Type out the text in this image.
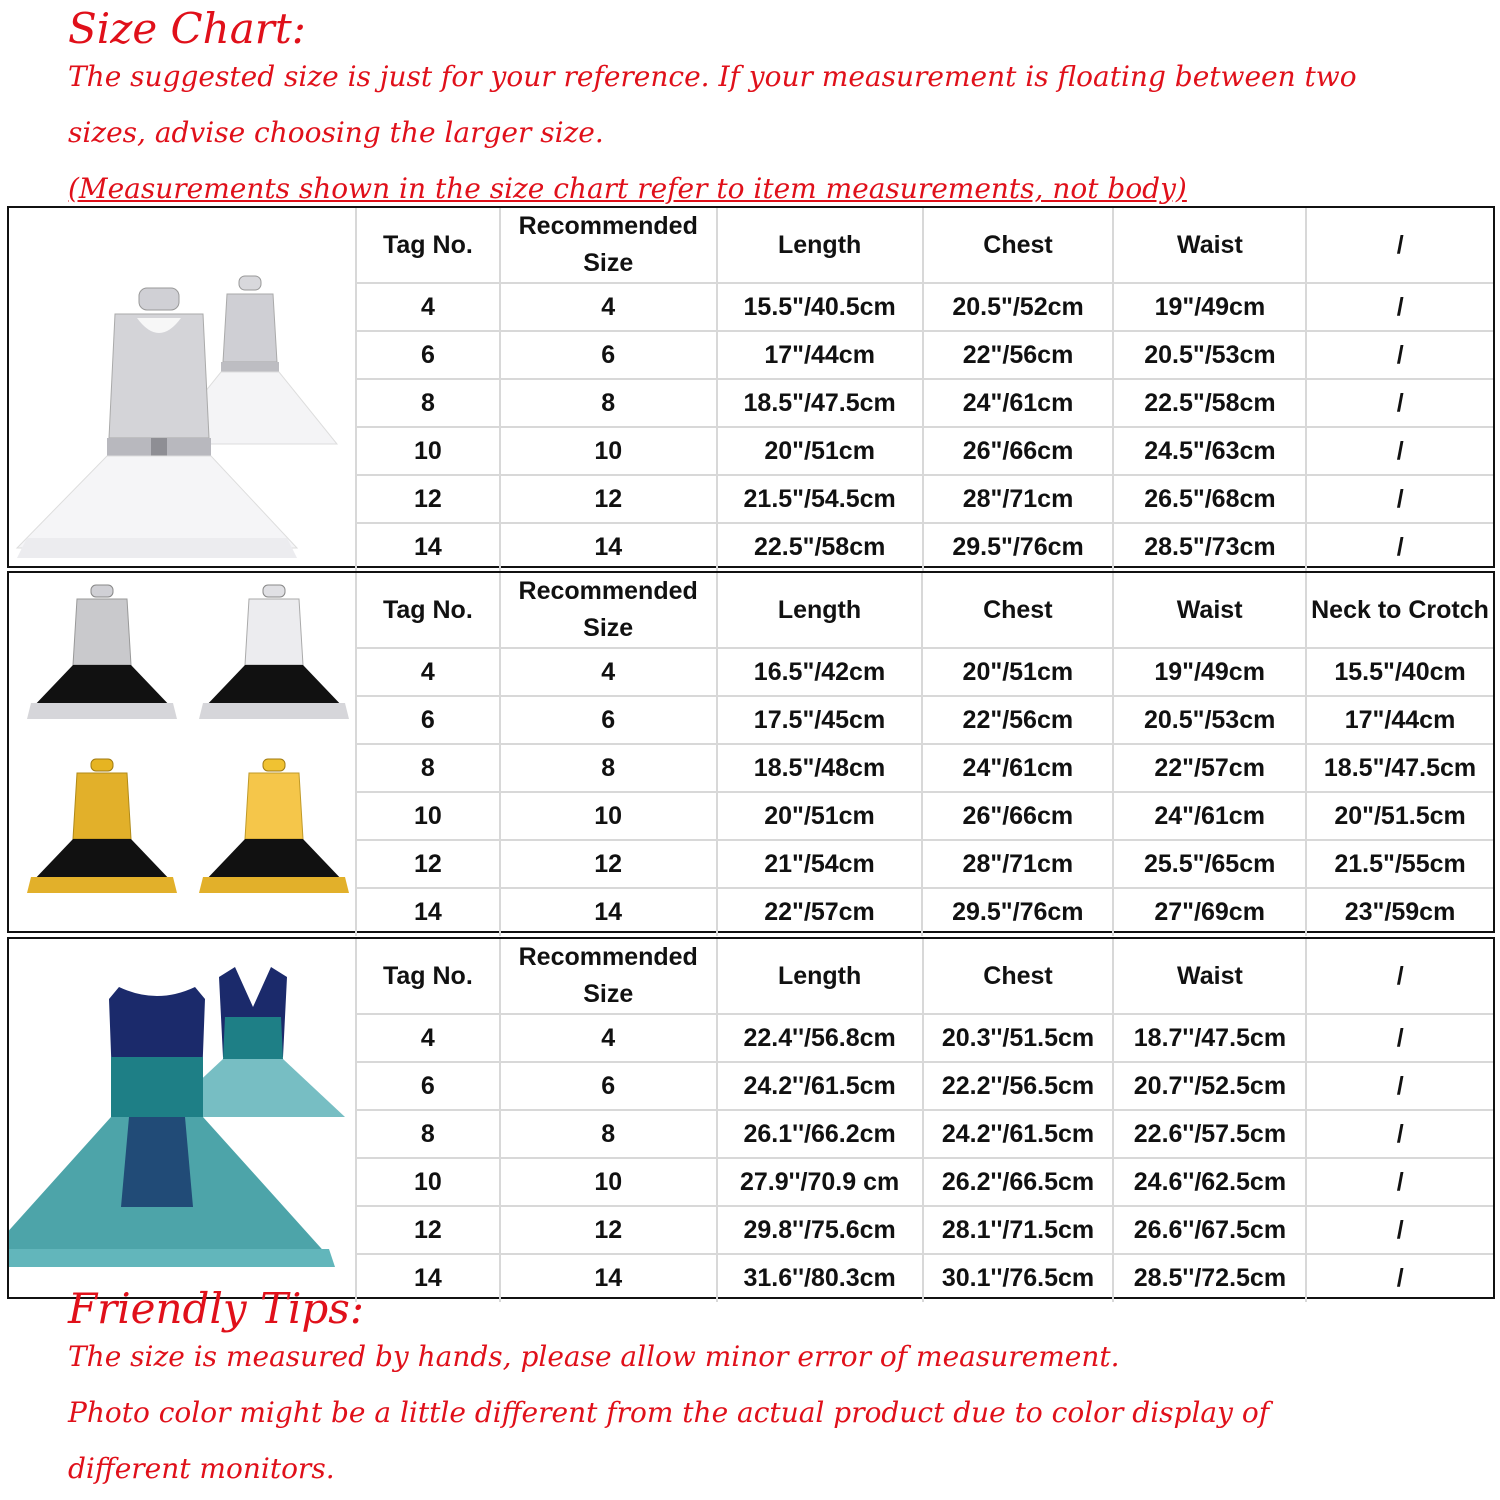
Size Chart:
The suggested size is just for your reference. If your measurement is floating between two
sizes, advise choosing the larger size.
(Measurements shown in the size chart refer to item measurements, not body)
Tag No.	Recommended Size	Length	Chest	Waist	/
4	4	15.5"/40.5cm	20.5"/52cm	19"/49cm	/
6	6	17"/44cm	22"/56cm	20.5"/53cm	/
8	8	18.5"/47.5cm	24"/61cm	22.5"/58cm	/
10	10	20"/51cm	26"/66cm	24.5"/63cm	/
12	12	21.5"/54.5cm	28"/71cm	26.5"/68cm	/
14	14	22.5"/58cm	29.5"/76cm	28.5"/73cm	/
Tag No.	Recommended Size	Length	Chest	Waist	Neck to Crotch
4	4	16.5"/42cm	20"/51cm	19"/49cm	15.5"/40cm
6	6	17.5"/45cm	22"/56cm	20.5"/53cm	17"/44cm
8	8	18.5"/48cm	24"/61cm	22"/57cm	18.5"/47.5cm
10	10	20"/51cm	26"/66cm	24"/61cm	20"/51.5cm
12	12	21"/54cm	28"/71cm	25.5"/65cm	21.5"/55cm
14	14	22"/57cm	29.5"/76cm	27"/69cm	23"/59cm
Tag No.	Recommended Size	Length	Chest	Waist	/
4	4	22.4''/56.8cm	20.3''/51.5cm	18.7''/47.5cm	/
6	6	24.2''/61.5cm	22.2''/56.5cm	20.7''/52.5cm	/
8	8	26.1''/66.2cm	24.2''/61.5cm	22.6''/57.5cm	/
10	10	27.9''/70.9 cm	26.2''/66.5cm	24.6''/62.5cm	/
12	12	29.8''/75.6cm	28.1''/71.5cm	26.6''/67.5cm	/
14	14	31.6''/80.3cm	30.1''/76.5cm	28.5''/72.5cm	/
Friendly Tips:
The size is measured by hands, please allow minor error of measurement.
Photo color might be a little different from the actual product due to color display of
different monitors.
